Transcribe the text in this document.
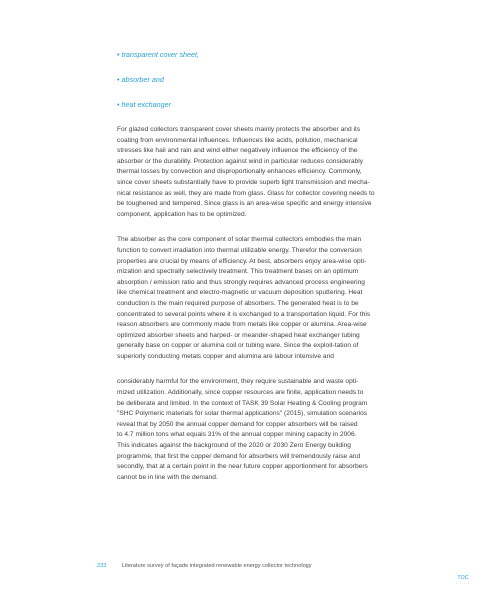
• transparent cover sheet,
• absorber and
• heat exchanger
For glazed collectors transparent cover sheets mainly protects the absorber and its
coating from environmental influences. Influences like acids, pollution, mechanical
stresses like hail and rain and wind either negatively influence the efficiency of the
absorber or the durability. Protection against wind in particular reduces considerably
thermal losses by convection and disproportionally enhances efficiency. Commonly,
since cover sheets substantially have to provide superb light transmission and mecha-
nical resistance as well, they are made from glass. Glass for collector covering needs to
be toughened and tempered. Since glass is an area-wise specific and energy intensive
component, application has to be optimized.
The absorber as the core component of solar thermal collectors embodies the main
function to convert irradiation into thermal utilizable energy. Therefor the conversion
properties are crucial by means of efficiency. At best, absorbers enjoy area-wise opti-
mization and spectrally selectively treatment. This treatment bases on an optimum
absorption / emission ratio and thus strongly requires advanced process engineering
like chemical treatment and electro-magnetic or vacuum deposition sputtering. Heat
conduction is the main required purpose of absorbers. The generated heat is to be
concentrated to several points where it is exchanged to a transportation liquid. For this
reason absorbers are commonly made from metals like copper or alumina. Area-wise
optimized absorber sheets and harped- or meander-shaped heat exchanger tubing
generally base on copper or alumina coil or tubing ware. Since the exploit-tation of
superiorly conducting metals copper and alumina are labour intensive and
considerably harmful for the environment, they require sustainable and waste opti-
mized utilization. Additionally, since copper resources are finite, application needs to
be deliberate and limited. In the context of TASK 39 Solar Heating & Cooling program
"SHC Polymeric materials for solar thermal applications" (2015), simulation scenarios
reveal that by 2050 the annual copper demand for copper absorbers will be raised
to 4.7 million tons what equals 31% of the annual copper mining capacity in 2006.
This indicates against the background of the 2020 or 2030 Zero Energy building
programme, that first the copper demand for absorbers will tremendously raise and
secondly, that at a certain point in the near future copper apportionment for absorbers
cannot be in line with the demand.
233	Literature survey of façade integrated renewable energy collector technology
TOC
• • • •
